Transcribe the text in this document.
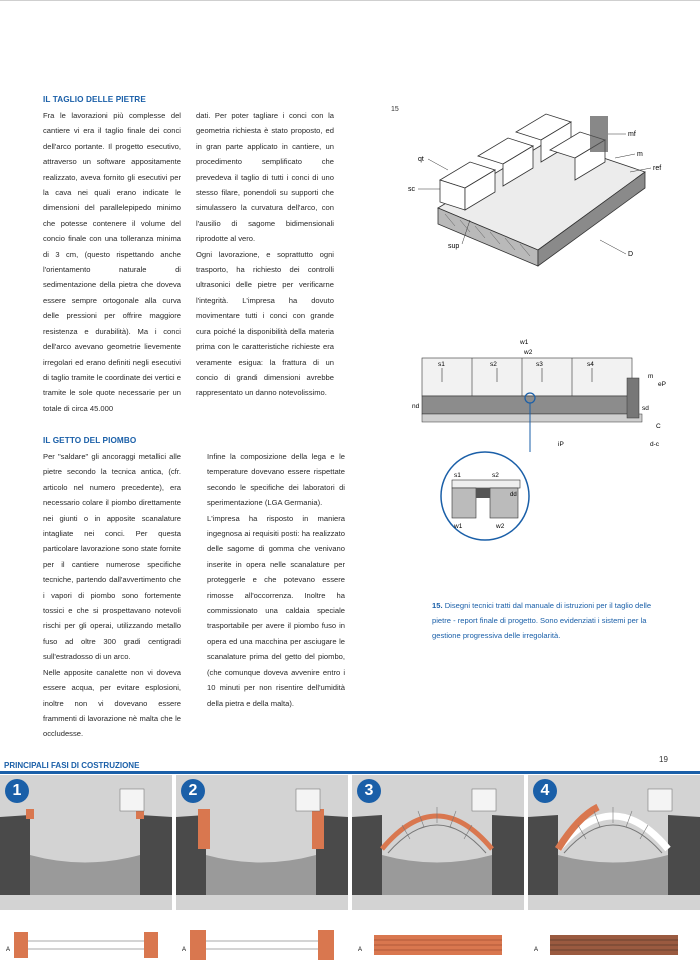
IL TAGLIO DELLE PIETRE

Fra le lavorazioni più complesse del cantiere vi era il taglio finale dei conci dell'arco portante. Il progetto esecutivo, attraverso un software appositamente realizzato, aveva fornito gli esecutivi per la cava nei quali erano indicate le dimensioni del parallelepipedo minimo che potesse contenere il volume del concio finale con una tolleranza minima di 3 cm, (questo rispettando anche l'orientamento naturale di sedimentazione della pietra che doveva essere sempre ortogonale alla curva delle pressioni per offrire maggiore resistenza e durabilità). Ma i conci dell'arco avevano geometrie lievemente irregolari ed erano definiti negli esecutivi di taglio tramite le coordinate dei vertici e tramite le sole quote necessarie per un totale di circa 45.000

dati. Per poter tagliare i conci con la geometria richiesta è stato proposto, ed in gran parte applicato in cantiere, un procedimento semplificato che prevedeva il taglio di tutti i conci di uno stesso filare, ponendoli su supporti che simulassero la curvatura dell'arco, con l'ausilio di sagome bidimensionali riprodotte al vero.

Ogni lavorazione, e soprattutto ogni trasporto, ha richiesto dei controlli ultrasonici delle pietre per verificarne l'integrità. L'impresa ha dovuto movimentare tutti i conci con grande cura poiché la disponibilità della materia prima con le caratteristiche richieste era veramente esigua: la frattura di un concio di grandi dimensioni avrebbe rappresentato un danno notevolissimo.

IL GETTO DEL PIOMBO

Per "saldare" gli ancoraggi metallici alle pietre secondo la tecnica antica, (cfr. articolo nel numero precedente), era necessario colare il piombo direttamente nei giunti o in apposite scanalature intagliate nei conci. Per questa particolare lavorazione sono state fornite per il cantiere numerose specifiche tecniche, partendo dall'avvertimento che i vapori di piombo sono fortemente tossici e che si prospettavano notevoli rischi per gli operai, utilizzando metallo fuso ad oltre 300 gradi centigradi sull'estradosso di un arco.

Nelle apposite canalette non vi doveva essere acqua, per evitare esplosioni, inoltre non vi dovevano essere frammenti di lavorazione nè malta che le occludesse.

Infine la composizione della lega e le temperature dovevano essere rispettate secondo le specifiche dei laboratori di sperimentazione (LGA Germania).

L'impresa ha risposto in maniera ingegnosa ai requisiti posti: ha realizzato delle sagome di gomma che venivano inserite in opera nelle scanalature per proteggerle e che potevano essere rimosse all'occorrenza. Inoltre ha commissionato una caldaia speciale trasportabile per avere il piombo fuso in opera ed una macchina per asciugare le scanalature prima del getto del piombo, (che comunque doveva avvenire entro i 10 minuti per non risentire dell'umidità della pietra e della malta).

15
mf
qt
m
ref
sc
sup
D
s1	s2	s3	s4
w1
w2
m
eP
nd	sd
C
iP	d-c
s1	s2
dd
w1	w2
15. Disegni tecnici tratti dal manuale di istruzioni per il taglio delle pietre - report finale di progetto. Sono evidenziati i sistemi per la gestione progressiva delle irregolarità.
19
PRINCIPALI FASI DI COSTRUZIONE
A
1
A
2
A
3
A
4
